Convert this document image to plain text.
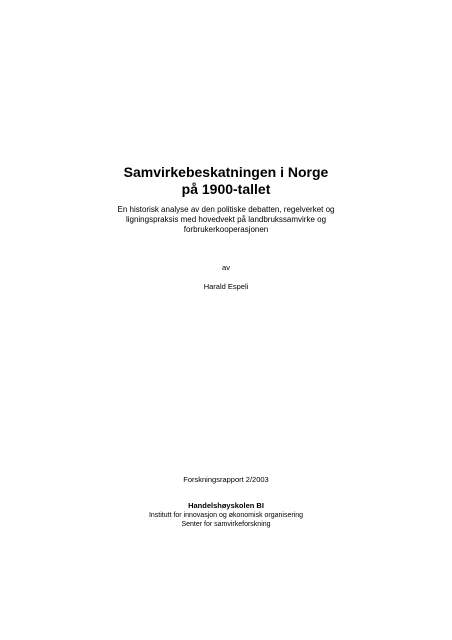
Samvirkebeskatningen i Norge
på 1900-tallet
En historisk analyse av den politiske debatten, regelverket og
ligningspraksis med hovedvekt på landbrukssamvirke og
forbrukerkooperasjonen
av
Harald Espeli
Forskningsrapport 2/2003
Handelshøyskolen BI
Institutt for innovasjon og økonomisk organisering
Senter for samvirkeforskning
